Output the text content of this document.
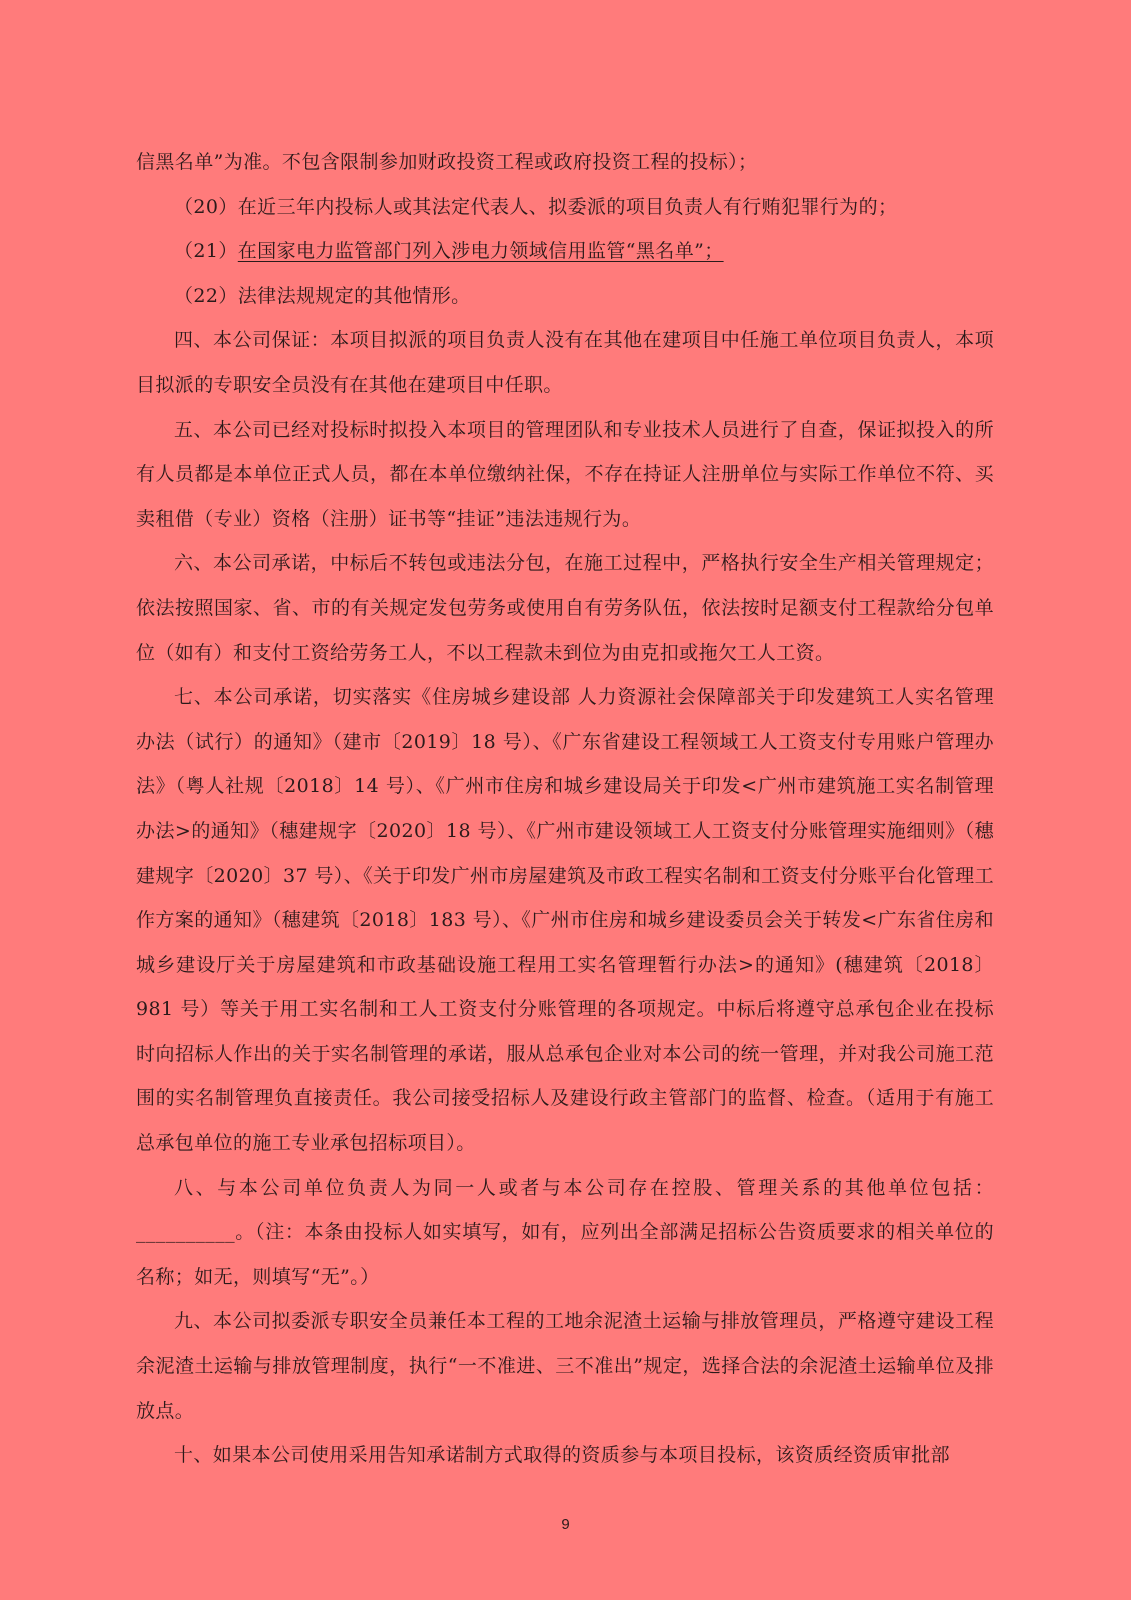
信黑名单”为准。不包含限制参加财政投资工程或政府投资工程的投标）；

（20）在近三年内投标人或其法定代表人、拟委派的项目负责人有行贿犯罪行为的；

（21）在国家电力监管部门列入涉电力领域信用监管“黑名单”；

（22）法律法规规定的其他情形。

四、本公司保证：本项目拟派的项目负责人没有在其他在建项目中任施工单位项目负责人，本项目拟派的专职安全员没有在其他在建项目中任职。

五、本公司已经对投标时拟投入本项目的管理团队和专业技术人员进行了自查，保证拟投入的所有人员都是本单位正式人员，都在本单位缴纳社保，不存在持证人注册单位与实际工作单位不符、买卖租借（专业）资格（注册）证书等“挂证”违法违规行为。

六、本公司承诺，中标后不转包或违法分包，在施工过程中，严格执行安全生产相关管理规定；依法按照国家、省、市的有关规定发包劳务或使用自有劳务队伍，依法按时足额支付工程款给分包单位（如有）和支付工资给劳务工人，不以工程款未到位为由克扣或拖欠工人工资。

七、本公司承诺，切实落实《住房城乡建设部 人力资源社会保障部关于印发建筑工人实名管理办法（试行）的通知》（建市〔2019〕18 号）、《广东省建设工程领域工人工资支付专用账户管理办法》（粤人社规〔2018〕14 号）、《广州市住房和城乡建设局关于印发<广州市建筑施工实名制管理办法>的通知》（穗建规字〔2020〕18 号）、《广州市建设领域工人工资支付分账管理实施细则》（穗建规字〔2020〕37 号）、《关于印发广州市房屋建筑及市政工程实名制和工资支付分账平台化管理工作方案的通知》（穗建筑〔2018〕183 号）、《广州市住房和城乡建设委员会关于转发<广东省住房和城乡建设厅关于房屋建筑和市政基础设施工程用工实名管理暂行办法>的通知》(穗建筑〔2018〕981 号）等关于用工实名制和工人工资支付分账管理的各项规定。中标后将遵守总承包企业在投标时向招标人作出的关于实名制管理的承诺，服从总承包企业对本公司的统一管理，并对我公司施工范围的实名制管理负直接责任。我公司接受招标人及建设行政主管部门的监督、检查。（适用于有施工总承包单位的施工专业承包招标项目）。

八、与本公司单位负责人为同一人或者与本公司存在控股、管理关系的其他单位包括：__________。（注：本条由投标人如实填写，如有，应列出全部满足招标公告资质要求的相关单位的名称；如无，则填写“无”。）

九、本公司拟委派专职安全员兼任本工程的工地余泥渣土运输与排放管理员，严格遵守建设工程余泥渣土运输与排放管理制度，执行“一不准进、三不准出”规定，选择合法的余泥渣土运输单位及排放点。

十、如果本公司使用采用告知承诺制方式取得的资质参与本项目投标，该资质经资质审批部

9
